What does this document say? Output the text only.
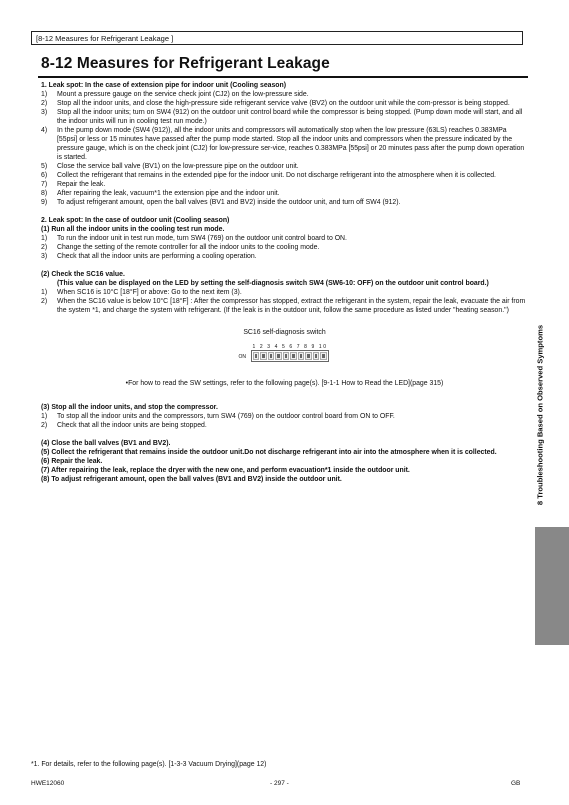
[8-12 Measures for Refrigerant Leakage ]
8-12 Measures for Refrigerant Leakage
1. Leak spot: In the case of extension pipe for indoor unit (Cooling season)
1) Mount a pressure gauge on the service check joint (CJ2) on the low-pressure side.
2) Stop all the indoor units, and close the high-pressure side refrigerant service valve (BV2) on the outdoor unit while the com-pressor is being stopped.
3) Stop all the indoor units; turn on SW4 (912) on the outdoor unit control board while the compressor is being stopped. (Pump down mode will start, and all the indoor units will run in cooling test run mode.)
4) In the pump down mode (SW4 (912)), all the indoor units and compressors will automatically stop when the low pressure (63LS) reaches 0.383MPa [55psi] or less or 15 minutes have passed after the pump mode started. Stop all the indoor units and compressors when the pressure indicated by the pressure gauge, which is on the check joint (CJ2) for low-pressure ser-vice, reaches 0.383MPa [55psi] or 20 minutes pass after the pump down operation is started.
5) Close the service ball valve (BV1) on the low-pressure pipe on the outdoor unit.
6) Collect the refrigerant that remains in the extended pipe for the indoor unit. Do not discharge refrigerant into the atmosphere when it is collected.
7) Repair the leak.
8) After repairing the leak, vacuum*1 the extension pipe and the indoor unit.
9) To adjust refrigerant amount, open the ball valves (BV1 and BV2) inside the outdoor unit, and turn off SW4 (912).
2. Leak spot: In the case of outdoor unit (Cooling season)
(1) Run all the indoor units in the cooling test run mode.
1) To run the indoor unit in test run mode, turn SW4 (769) on the outdoor unit control board to ON.
2) Change the setting of the remote controller for all the indoor units to the cooling mode.
3) Check that all the indoor units are performing a cooling operation.
(2) Check the SC16 value.
(This value can be displayed on the LED by setting the self-diagnosis switch SW4 (SW6-10: OFF) on the outdoor unit control board.)
1) When SC16 is 10°C [18°F] or above: Go to the next item (3).
2) When the SC16 value is below 10°C [18°F] : After the compressor has stopped, extract the refrigerant in the system, repair the leak, evacuate the air from the system *1, and charge the system with refrigerant. (If the leak is in the outdoor unit, follow the same procedure as listed under "heating season.")
SC16 self-diagnosis switch
1 2 3 4 5 6 7 8 9 10
ON
•For how to read the SW settings, refer to the following page(s). [9-1-1 How to Read the LED](page 315)
(3) Stop all the indoor units, and stop the compressor.
1) To stop all the indoor units and the compressors, turn SW4 (769) on the outdoor control board from ON to OFF.
2) Check that all the indoor units are being stopped.
(4) Close the ball valves (BV1 and BV2).
(5) Collect the refrigerant that remains inside the outdoor unit.Do not discharge refrigerant into air into the atmosphere when it is collected.
(6) Repair the leak.
(7) After repairing the leak, replace the dryer with the new one, and perform evacuation*1 inside the outdoor unit.
(8) To adjust refrigerant amount, open the ball valves (BV1 and BV2) inside the outdoor unit.	8 Troubleshooting Based on Observed Symptoms
*1. For details, refer to the following page(s). [1-3-3 Vacuum Drying](page 12)
HWE12060	- 297 -	GB
